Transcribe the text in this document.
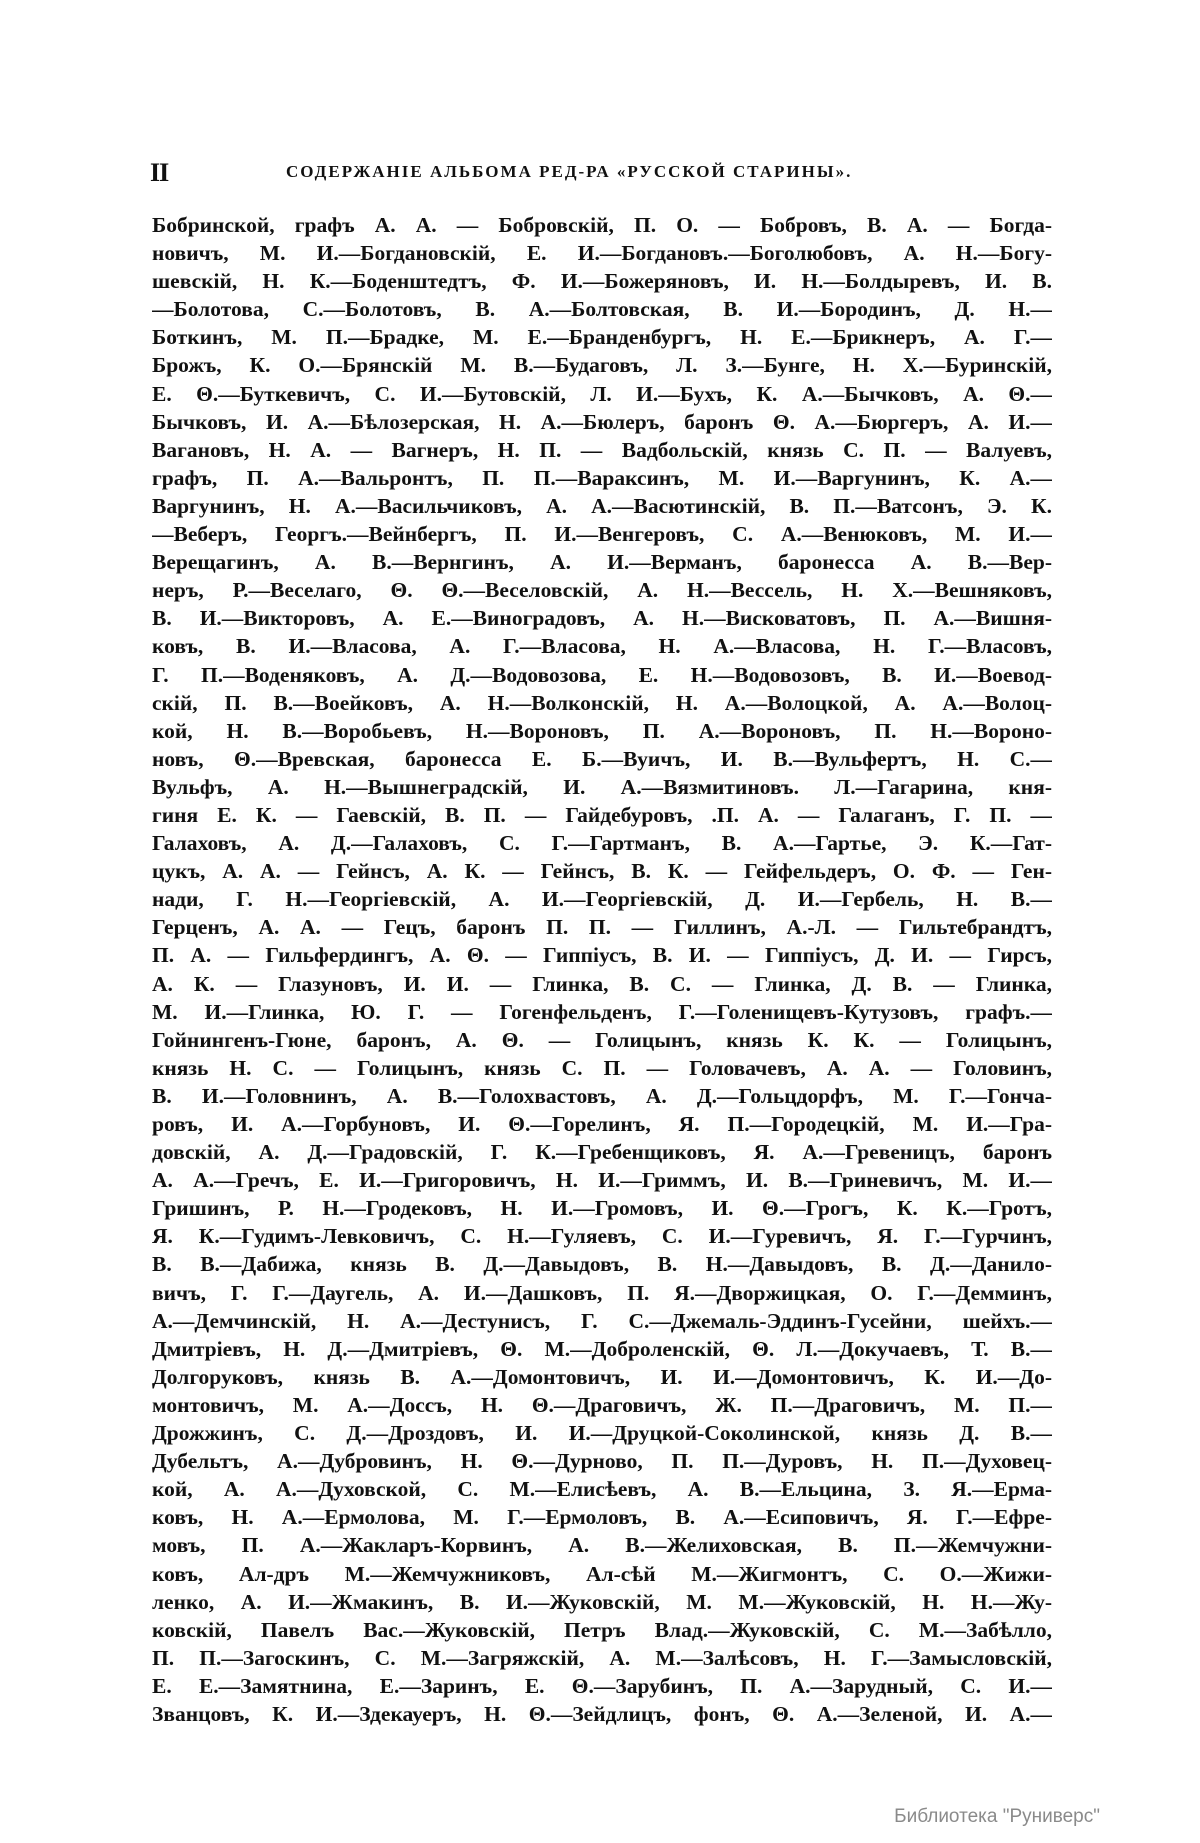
II	СОДЕРЖАНІЕ АЛЬБОМА РЕД-РА «РУССКОЙ СТАРИНЫ».
Бобринской, графъ А. А. — Бобровскій, П. О. — Бобровъ, В. А. — Богда-
новичъ, М. И.—Богдановскій, Е. И.—Богдановъ.—Боголюбовъ, А. Н.—Богу-
шевскій, Н. К.—Боденштедтъ, Ф. И.—Божеряновъ, И. Н.—Болдыревъ, И. В.
—Болотова, С.—Болотовъ, В. А.—Болтовская, В. И.—Бородинъ, Д. Н.—
Боткинъ, М. П.—Брадке, М. Е.—Бранденбургъ, Н. Е.—Брикнеръ, А. Г.—
Брожъ, К. О.—Брянскій М. В.—Будаговъ, Л. З.—Бунге, Н. Х.—Буринскій,
Е. Θ.—Буткевичъ, С. И.—Бутовскій, Л. И.—Бухъ, К. А.—Бычковъ, А. Θ.—
Бычковъ, И. А.—Бѣлозерская, Н. А.—Бюлеръ, баронъ Θ. А.—Бюргеръ, А. И.—
Вагановъ, Н. А. — Вагнеръ, Н. П. — Вадбольскій, князь С. П. — Валуевъ,
графъ, П. А.—Вальронтъ, П. П.—Вараксинъ, М. И.—Варгунинъ, К. А.—
Варгунинъ, Н. А.—Васильчиковъ, А. А.—Васютинскій, В. П.—Ватсонъ, Э. К.
—Веберъ, Георгъ.—Вейнбергъ, П. И.—Венгеровъ, С. А.—Венюковъ, М. И.—
Верещагинъ, А. В.—Вернгинъ, А. И.—Верманъ, баронесса А. В.—Вер-
неръ, Р.—Веселаго, Θ. Θ.—Веселовскій, А. Н.—Вессель, Н. Х.—Вешняковъ,
В. И.—Викторовъ, А. Е.—Виноградовъ, А. Н.—Висковатовъ, П. А.—Вишня-
ковъ, В. И.—Власова, А. Г.—Власова, Н. А.—Власова, Н. Г.—Власовъ,
Г. П.—Воденяковъ, А. Д.—Водовозова, Е. Н.—Водовозовъ, В. И.—Воевод-
скій, П. В.—Воейковъ, А. Н.—Волконскій, Н. А.—Волоцкой, А. А.—Волоц-
кой, Н. В.—Воробьевъ, Н.—Вороновъ, П. А.—Вороновъ, П. Н.—Вороно-
новъ, Θ.—Вревская, баронесса Е. Б.—Вуичъ, И. В.—Вульфертъ, Н. С.—
Вульфъ, А. Н.—Вышнеградскій, И. А.—Вязмитиновъ. Л.—Гагарина, кня-
гиня Е. К. — Гаевскій, В. П. — Гайдебуровъ, .П. А. — Галаганъ, Г. П. —
Галаховъ, А. Д.—Галаховъ, С. Г.—Гартманъ, В. А.—Гартье, Э. К.—Гат-
цукъ, А. А. — Гейнсъ, А. К. — Гейнсъ, В. К. — Гейфельдеръ, О. Ф. — Ген-
нади, Г. Н.—Георгіевскій, А. И.—Георгіевскій, Д. И.—Гербель, Н. В.—
Герценъ, А. А. — Гецъ, баронъ П. П. — Гиллинъ, А.-Л. — Гильтебрандтъ,
П. А. — Гильфердингъ, А. Θ. — Гиппіусъ, В. И. — Гиппіусъ, Д. И. — Гирсъ,
А. К. — Глазуновъ, И. И. — Глинка, В. С. — Глинка, Д. В. — Глинка,
М. И.—Глинка, Ю. Г. — Гогенфельденъ, Г.—Голенищевъ-Кутузовъ, графъ.—
Гойнингенъ-Гюне, баронъ, А. Θ. — Голицынъ, князь К. К. — Голицынъ,
князь Н. С. — Голицынъ, князь С. П. — Головачевъ, А. А. — Головинъ,
В. И.—Головнинъ, А. В.—Голохвастовъ, А. Д.—Гольцдорфъ, М. Г.—Гонча-
ровъ, И. А.—Горбуновъ, И. Θ.—Горелинъ, Я. П.—Городецкій, М. И.—Гра-
довскій, А. Д.—Градовскій, Г. К.—Гребенщиковъ, Я. А.—Гревеницъ, баронъ
А. А.—Гречъ, Е. И.—Григоровичъ, Н. И.—Гриммъ, И. В.—Гриневичъ, М. И.—
Гришинъ, Р. Н.—Гродековъ, Н. И.—Громовъ, И. Θ.—Грогъ, К. К.—Гротъ,
Я. К.—Гудимъ-Левковичъ, С. Н.—Гуляевъ, С. И.—Гуревичъ, Я. Г.—Гурчинъ,
В. В.—Дабижа, князь В. Д.—Давыдовъ, В. Н.—Давыдовъ, В. Д.—Данило-
вичъ, Г. Г.—Даугель, А. И.—Дашковъ, П. Я.—Дворжицкая, О. Г.—Демминъ,
А.—Демчинскій, Н. А.—Дестунисъ, Г. С.—Джемаль-Эддинъ-Гусейни, шейхъ.—
Дмитріевъ, Н. Д.—Дмитріевъ, Θ. М.—Доброленскій, Θ. Л.—Докучаевъ, Т. В.—
Долгоруковъ, князь В. А.—Домонтовичъ, И. И.—Домонтовичъ, К. И.—До-
монтовичъ, М. А.—Доссъ, Н. Θ.—Драговичъ, Ж. П.—Драговичъ, М. П.—
Дрожжинъ, С. Д.—Дроздовъ, И. И.—Друцкой-Соколинской, князь Д. В.—
Дубельтъ, А.—Дубровинъ, Н. Θ.—Дурново, П. П.—Дуровъ, Н. П.—Духовец-
кой, А. А.—Духовской, С. М.—Елисѣевъ, А. В.—Ельцина, З. Я.—Ерма-
ковъ, Н. А.—Ермолова, М. Г.—Ермоловъ, В. А.—Есиповичъ, Я. Г.—Ефре-
мовъ, П. А.—Жакларъ-Корвинъ, А. В.—Желиховская, В. П.—Жемчужни-
ковъ, Ал-дръ М.—Жемчужниковъ, Ал-сѣй М.—Жигмонтъ, С. О.—Жижи-
ленко, А. И.—Жмакинъ, В. И.—Жуковскій, М. М.—Жуковскій, Н. Н.—Жу-
ковскій, Павелъ Вас.—Жуковскій, Петръ Влад.—Жуковскій, С. М.—Забѣлло,
П. П.—Загоскинъ, С. М.—Загряжскій, А. М.—Залѣсовъ, Н. Г.—Замысловскій,
Е. Е.—Замятнина, Е.—Заринъ, Е. Θ.—Зарубинъ, П. А.—Зарудный, С. И.—
Званцовъ, К. И.—Здекауеръ, Н. Θ.—Зейдлицъ, фонъ, Θ. А.—Зеленой, И. А.—
Библиотека "Руниверс"
